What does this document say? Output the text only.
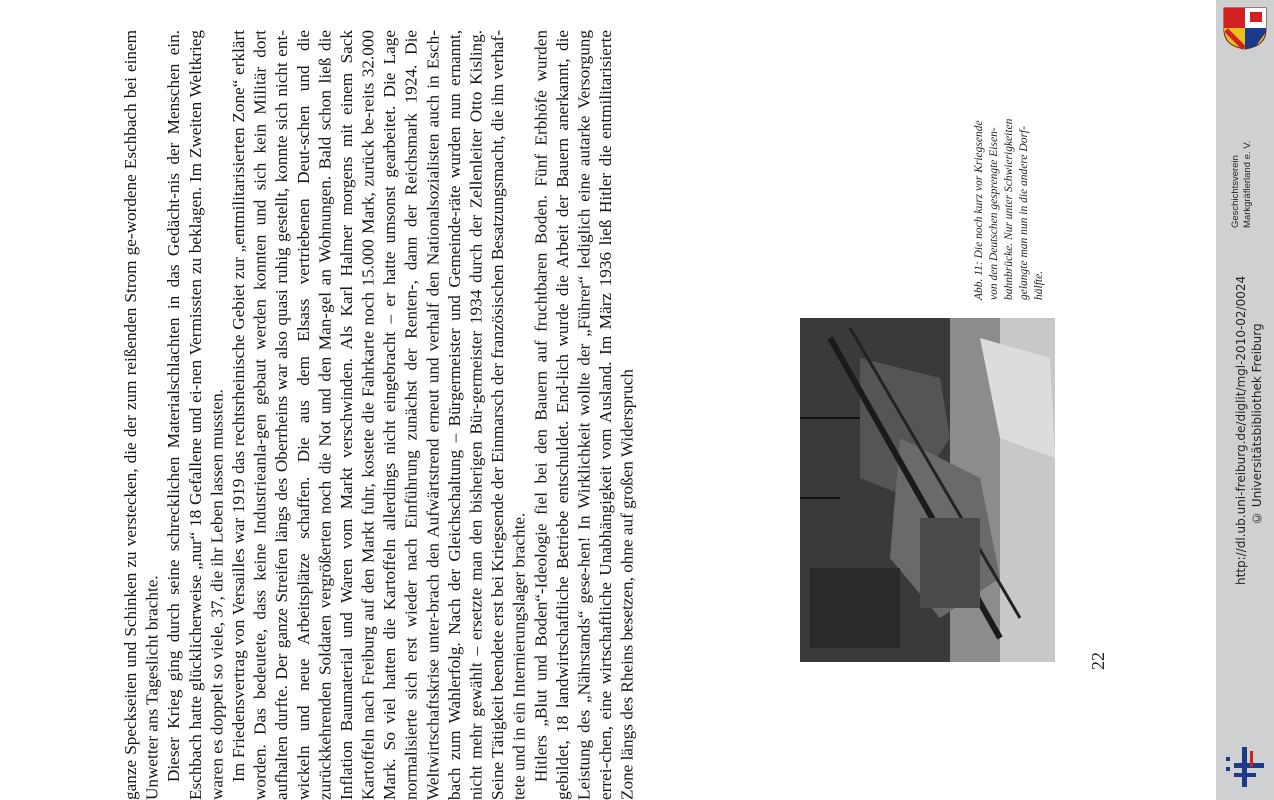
ganze Speckseiten und Schinken zu verstecken, die der zum reißenden Strom ge-wordene Eschbach bei einem Unwetter ans Tageslicht brachte. Dieser Krieg ging durch seine schrecklichen Materialschlachten in das Gedächt-nis der Menschen ein. Eschbach hatte glücklicherweise „nur“ 18 Gefallene und ei-nen Vermissten zu beklagen. Im Zweiten Weltkrieg waren es doppelt so viele, 37, die ihr Leben lassen mussten. Im Friedensvertrag von Versailles war 1919 das rechtsrheinische Gebiet zur „entmilitarisierten Zone“ erklärt worden. Das bedeutete, dass keine Industrieanla-gen gebaut werden konnten und sich kein Militär dort aufhalten durfte. Der ganze Streifen längs des Oberrheins war also quasi ruhig gestellt, konnte sich nicht ent-wickeln und neue Arbeitsplätze schaffen. Die aus dem Elsass vertriebenen Deut-schen und die zurückkehrenden Soldaten vergrößerten noch die Not und den Man-gel an Wohnungen. Bald schon ließ die Inflation Baumaterial und Waren vom Markt verschwinden. Als Karl Halmer morgens mit einem Sack Kartoffeln nach Freiburg auf den Markt fuhr, kostete die Fahrkarte noch 15.000 Mark, zurück be-reits 32.000 Mark. So viel hatten die Kartoffeln allerdings nicht eingebracht – er hatte umsonst gearbeitet. Die Lage normalisierte sich erst wieder nach Einführung zunächst der Renten-, dann der Reichsmark 1924. Die Weltwirtschaftskrise unter-brach den Aufwärtstrend erneut und verhalf den Nationalsozialisten auch in Esch-bach zum Wahlerfolg. Nach der Gleichschaltung – Bürgermeister und Gemeinde-räte wurden nun ernannt, nicht mehr gewählt – ersetzte man den bisherigen Bür-germeister 1934 durch der Zellenleiter Otto Kisling. Seine Tätigkeit beendete erst bei Kriegsende der Einmarsch der französischen Besatzungsmacht, die ihn verhaf-tete und in ein Internierungslager brachte. Hitlers „Blut und Boden“-Ideologie fiel bei den Bauern auf fruchtbaren Boden. Fünf Erbhöfe wurden gebildet, 18 landwirtschaftliche Betriebe entschuldet. End-lich wurde die Arbeit der Bauern anerkannt, die Leistung des „Nährstands“ gese-hen! In Wirklichkeit wollte der „Führer“ lediglich eine autarke Versorgung errei-chen, eine wirtschaftliche Unabhängigkeit vom Ausland. Im März 1936 ließ Hitler die entmilitarisierte Zone längs des Rheins besetzen, ohne auf großen Widerspruch

Abb. 11: Die noch kurz vor Kriegsende
von den Deutschen gesprengte Eisen-
bahnbrücke. Nur unter Schwierigkeiten
gelangte man nun in die andere Dorf-
hälfte.
22
Geschichtsverein Markgräflerland e. V.
http://dl.ub.uni-freiburg.de/diglit/mgl-2010-02/0024 © Universitätsbibliothek Freiburg
